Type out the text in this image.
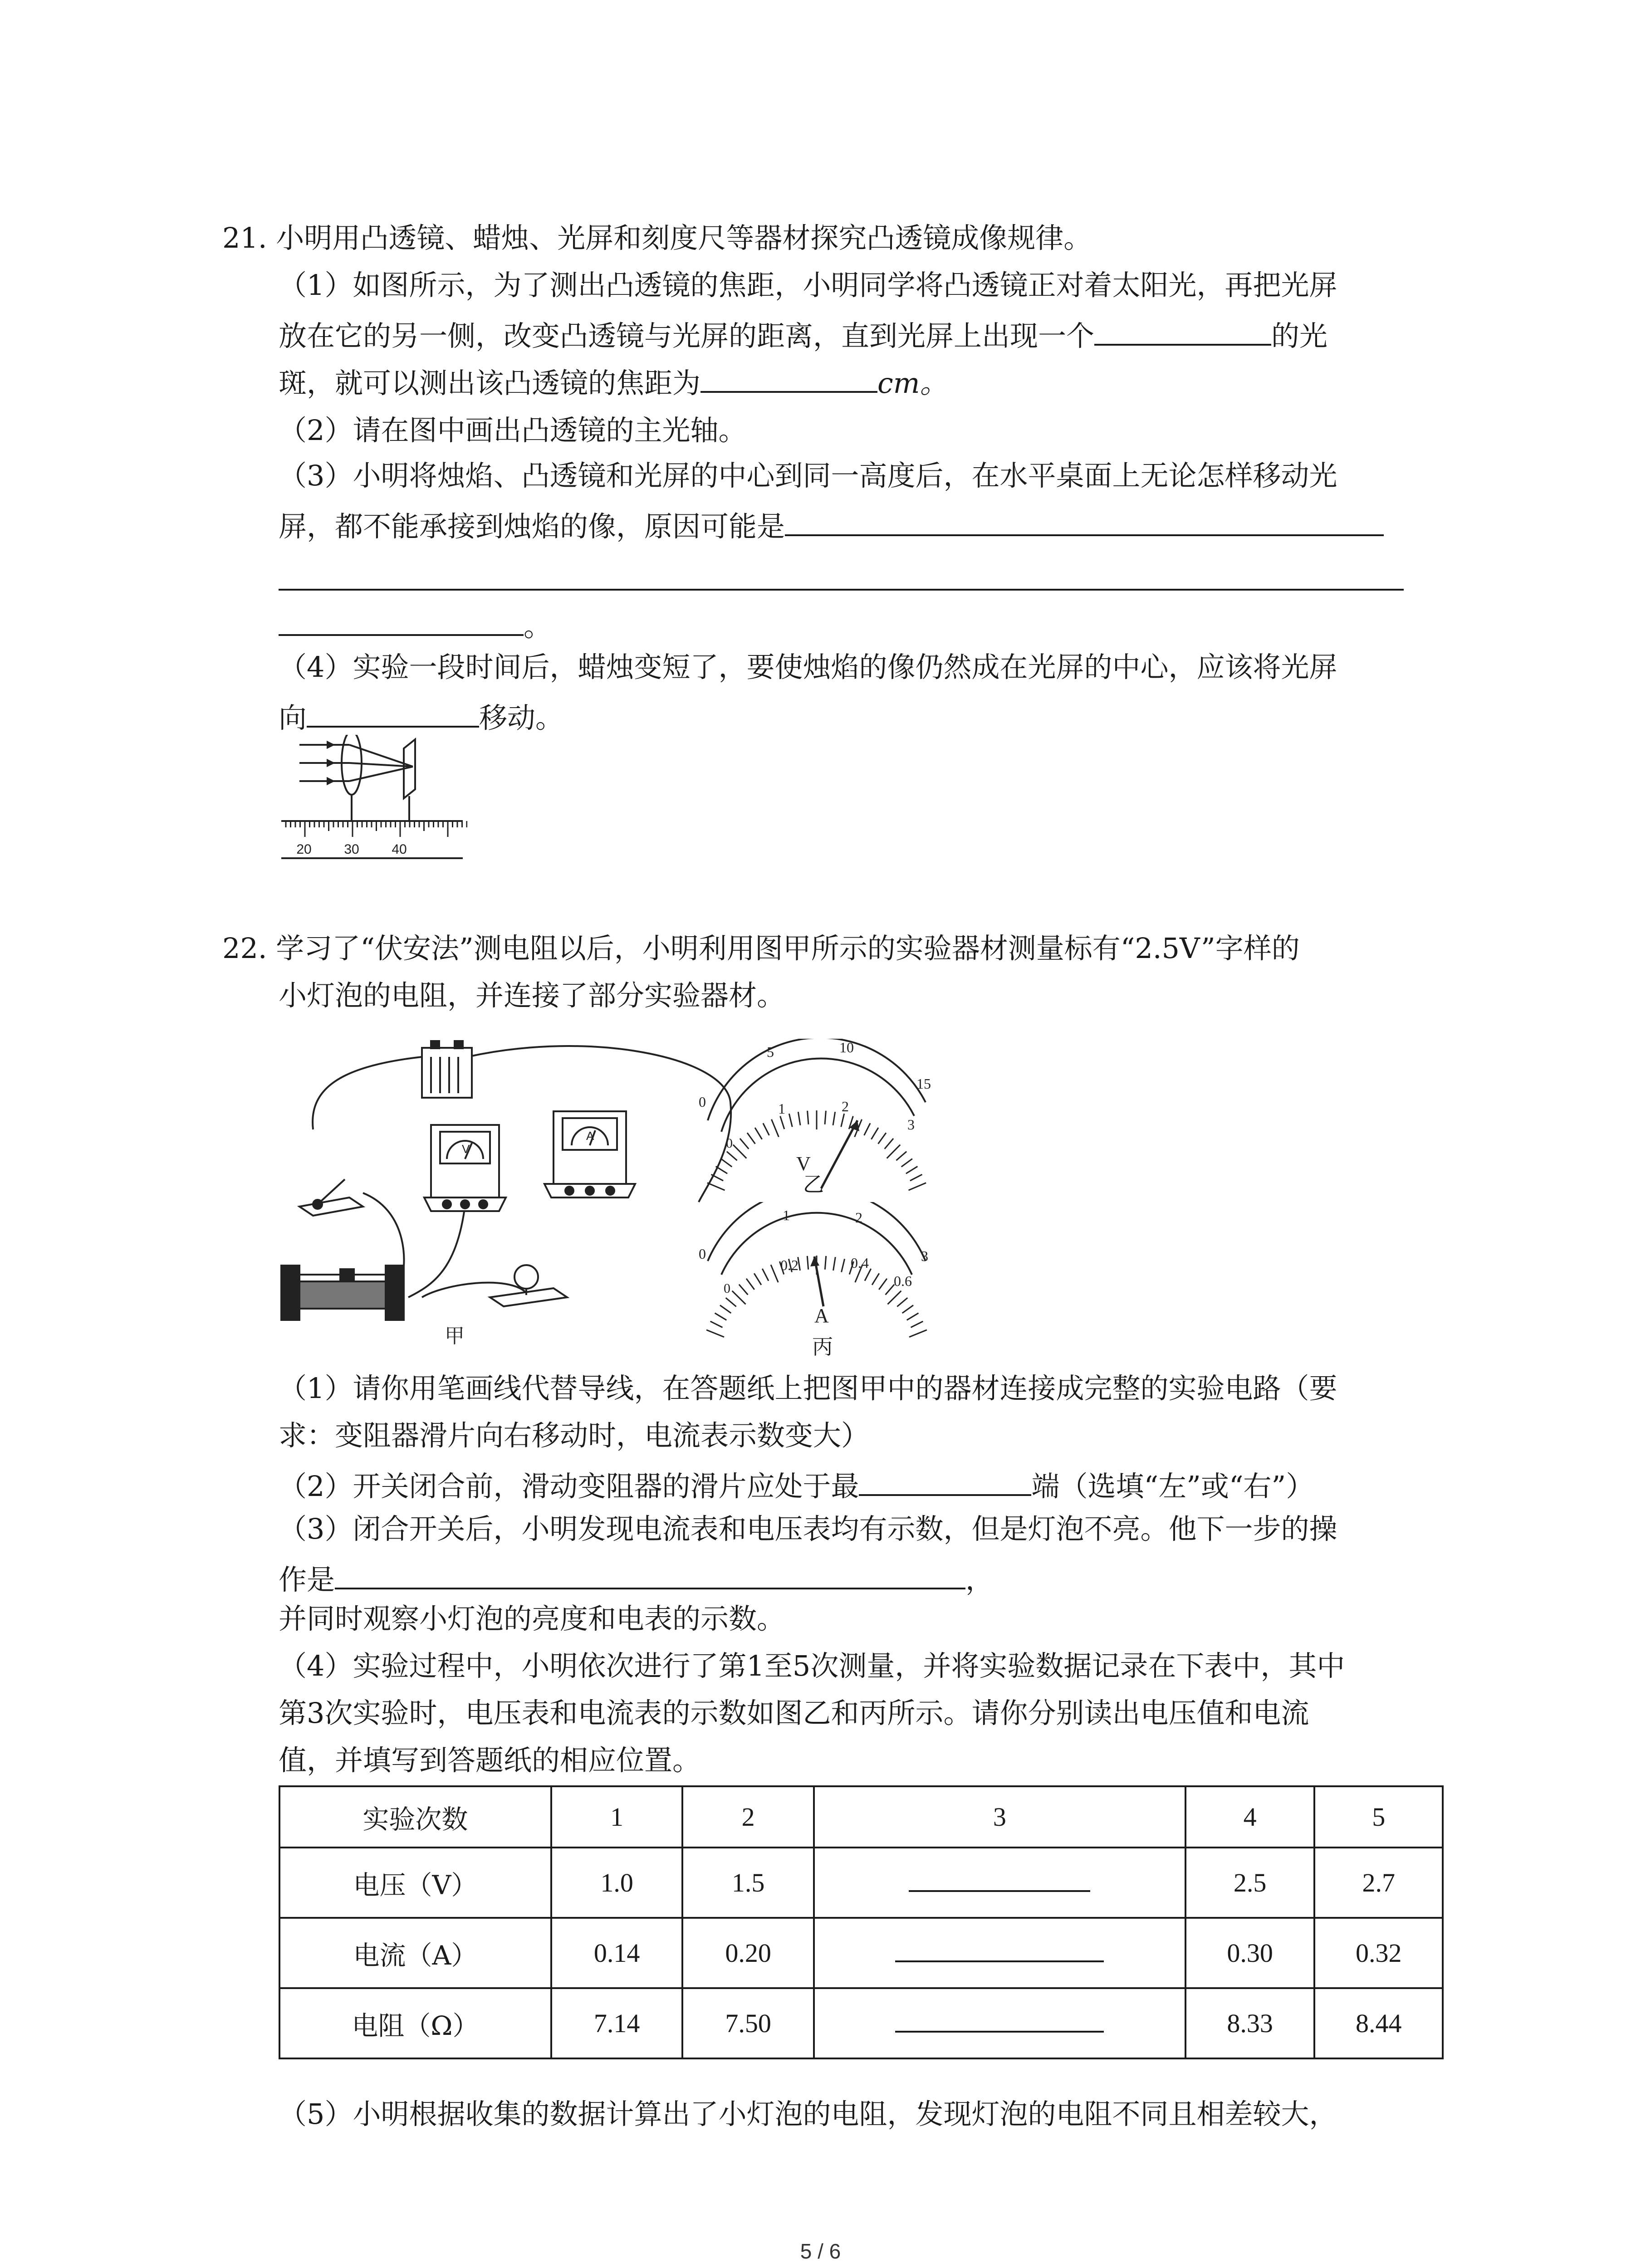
21. 小明用凸透镜、蜡烛、光屏和刻度尺等器材探究凸透镜成像规律。
（1）如图所示，为了测出凸透镜的焦距，小明同学将凸透镜正对着太阳光，再把光屏
放在它的另一侧，改变凸透镜与光屏的距离，直到光屏上出现一个	的光
斑，就可以测出该凸透镜的焦距为	cm。
（2）请在图中画出凸透镜的主光轴。
（3）小明将烛焰、凸透镜和光屏的中心到同一高度后，在水平桌面上无论怎样移动光
屏，都不能承接到烛焰的像，原因可能是
。
（4）实验一段时间后，蜡烛变短了，要使烛焰的像仍然成在光屏的中心，应该将光屏
向	移动。
20 30 40
22. 学习了“伏安法”测电阻以后，小明利用图甲所示的实验器材测量标有“2.5V”字样的
小灯泡的电阻，并连接了部分实验器材。
V
A
甲
0
5	10
15
1	2
3
0
V
乙
0
1	2
3
0.2	0.4
0.6
0
A
丙
（1）请你用笔画线代替导线，在答题纸上把图甲中的器材连接成完整的实验电路（要
求：变阻器滑片向右移动时，电流表示数变大）
（2）开关闭合前，滑动变阻器的滑片应处于最	端（选填“左”或“右”）
（3）闭合开关后，小明发现电流表和电压表均有示数，但是灯泡不亮。他下一步的操
作是	，
并同时观察小灯泡的亮度和电表的示数。
（4）实验过程中，小明依次进行了第1至5次测量，并将实验数据记录在下表中，其中
第3次实验时，电压表和电流表的示数如图乙和丙所示。请你分别读出电压值和电流
值，并填写到答题纸的相应位置。
实验次数	1	2	3	4	5
电压（V）	1.0	1.5		2.5	2.7
电流（A）	0.14	0.20		0.30	0.32
电阻（Ω）	7.14	7.50		8.33	8.44
（5）小明根据收集的数据计算出了小灯泡的电阻，发现灯泡的电阻不同且相差较大，
5 / 6
